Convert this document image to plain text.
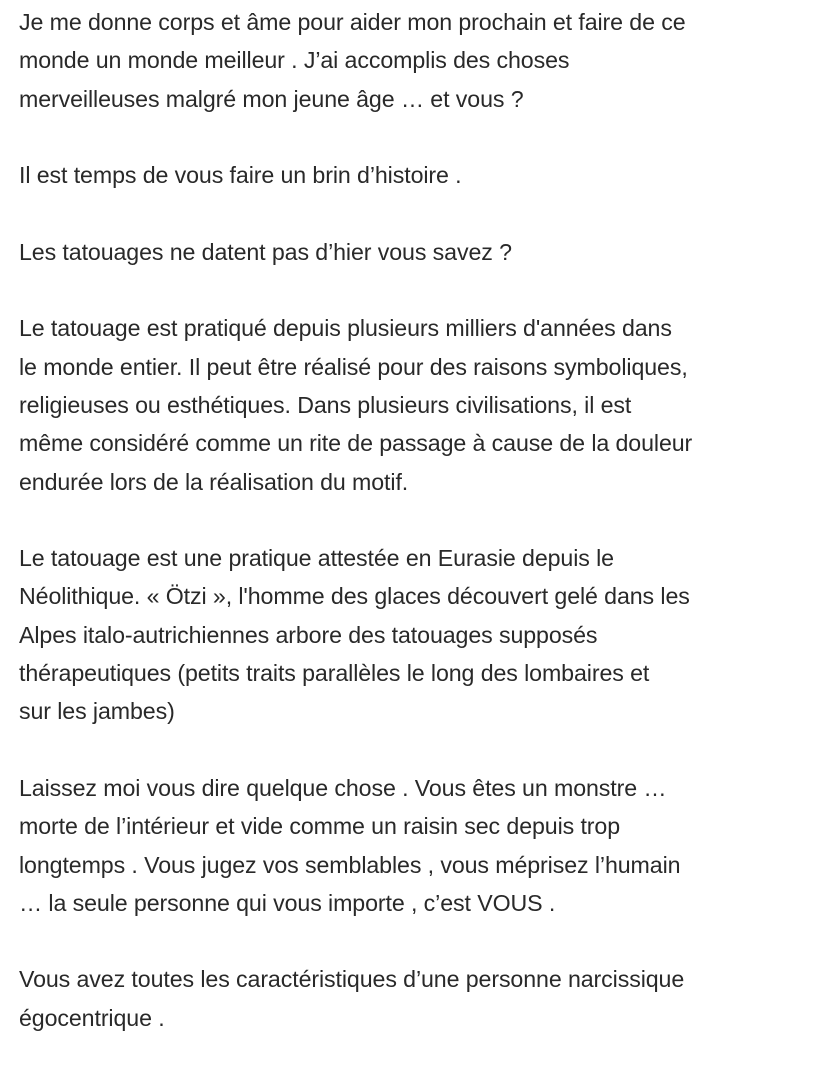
Je me donne corps et âme pour aider mon prochain et faire de ce
monde un monde meilleur . J’ai accomplis des choses
merveilleuses malgré mon jeune âge … et vous ?

Il est temps de vous faire un brin d’histoire .

Les tatouages ne datent pas d’hier vous savez ?

Le tatouage est pratiqué depuis plusieurs milliers d'années dans
le monde entier. Il peut être réalisé pour des raisons symboliques,
religieuses ou esthétiques. Dans plusieurs civilisations, il est
même considéré comme un rite de passage à cause de la douleur
endurée lors de la réalisation du motif.

Le tatouage est une pratique attestée en Eurasie depuis le
Néolithique. « Ötzi », l'homme des glaces découvert gelé dans les
Alpes italo-autrichiennes arbore des tatouages supposés
thérapeutiques (petits traits parallèles le long des lombaires et
sur les jambes)

Laissez moi vous dire quelque chose . Vous êtes un monstre …
morte de l’intérieur et vide comme un raisin sec depuis trop
longtemps . Vous jugez vos semblables , vous méprisez l’humain
… la seule personne qui vous importe , c’est VOUS .

Vous avez toutes les caractéristiques d’une personne narcissique
égocentrique .
